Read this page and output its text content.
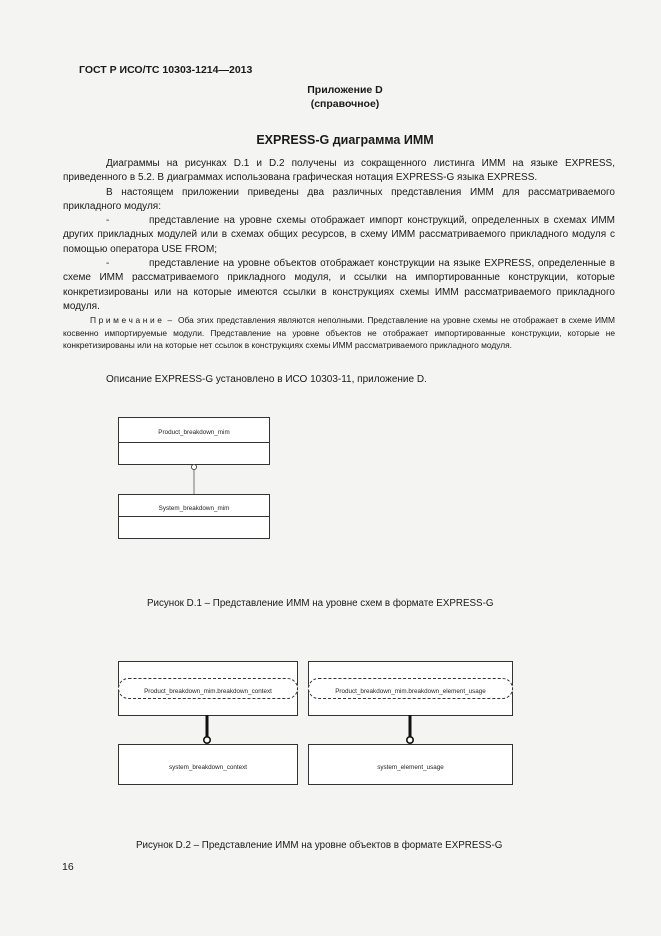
ГОСТ Р ИСО/ТС 10303-1214—2013
Приложение D
(справочное)
EXPRESS-G диаграмма ИММ

Диаграммы на рисунках D.1 и D.2 получены из сокращенного листинга ИММ на языке EXPRESS, приведенного в 5.2. В диаграммах использована графическая нотация EXPRESS-G языка EXPRESS.

В настоящем приложении приведены два различных представления ИММ для рассматриваемого прикладного модуля:

-	представление на уровне схемы отображает импорт конструкций, определенных в схемах ИММ других прикладных модулей или в схемах общих ресурсов, в схему ИММ рассматриваемого прикладного модуля с помощью оператора USE FROM;

-	представление на уровне объектов отображает конструкции на языке EXPRESS, определенные в схеме ИММ рассматриваемого прикладного модуля, и ссылки на импортированные конструкции, которые конкретизированы или на которые имеются ссылки в конструкциях схемы ИММ рассматриваемого прикладного модуля.

Примечание – Оба этих представления являются неполными. Представление на уровне схемы не отображает в схеме ИММ косвенно импортируемые модули. Представление на уровне объектов не отображает импортированные конструкции, которые не конкретизированы или на которые нет ссылок в конструкциях схемы ИММ рассматриваемого прикладного модуля.

Описание EXPRESS-G установлено в ИСО 10303-11, приложение D.
Product_breakdown_mim
System_breakdown_mim
Рисунок D.1 – Представление ИММ на уровне схем в формате EXPRESS-G
Product_breakdown_mim.breakdown_context	Product_breakdown_mim.breakdown_element_usage
system_breakdown_context	system_element_usage
Рисунок D.2 – Представление ИММ на уровне объектов в формате EXPRESS-G
16
